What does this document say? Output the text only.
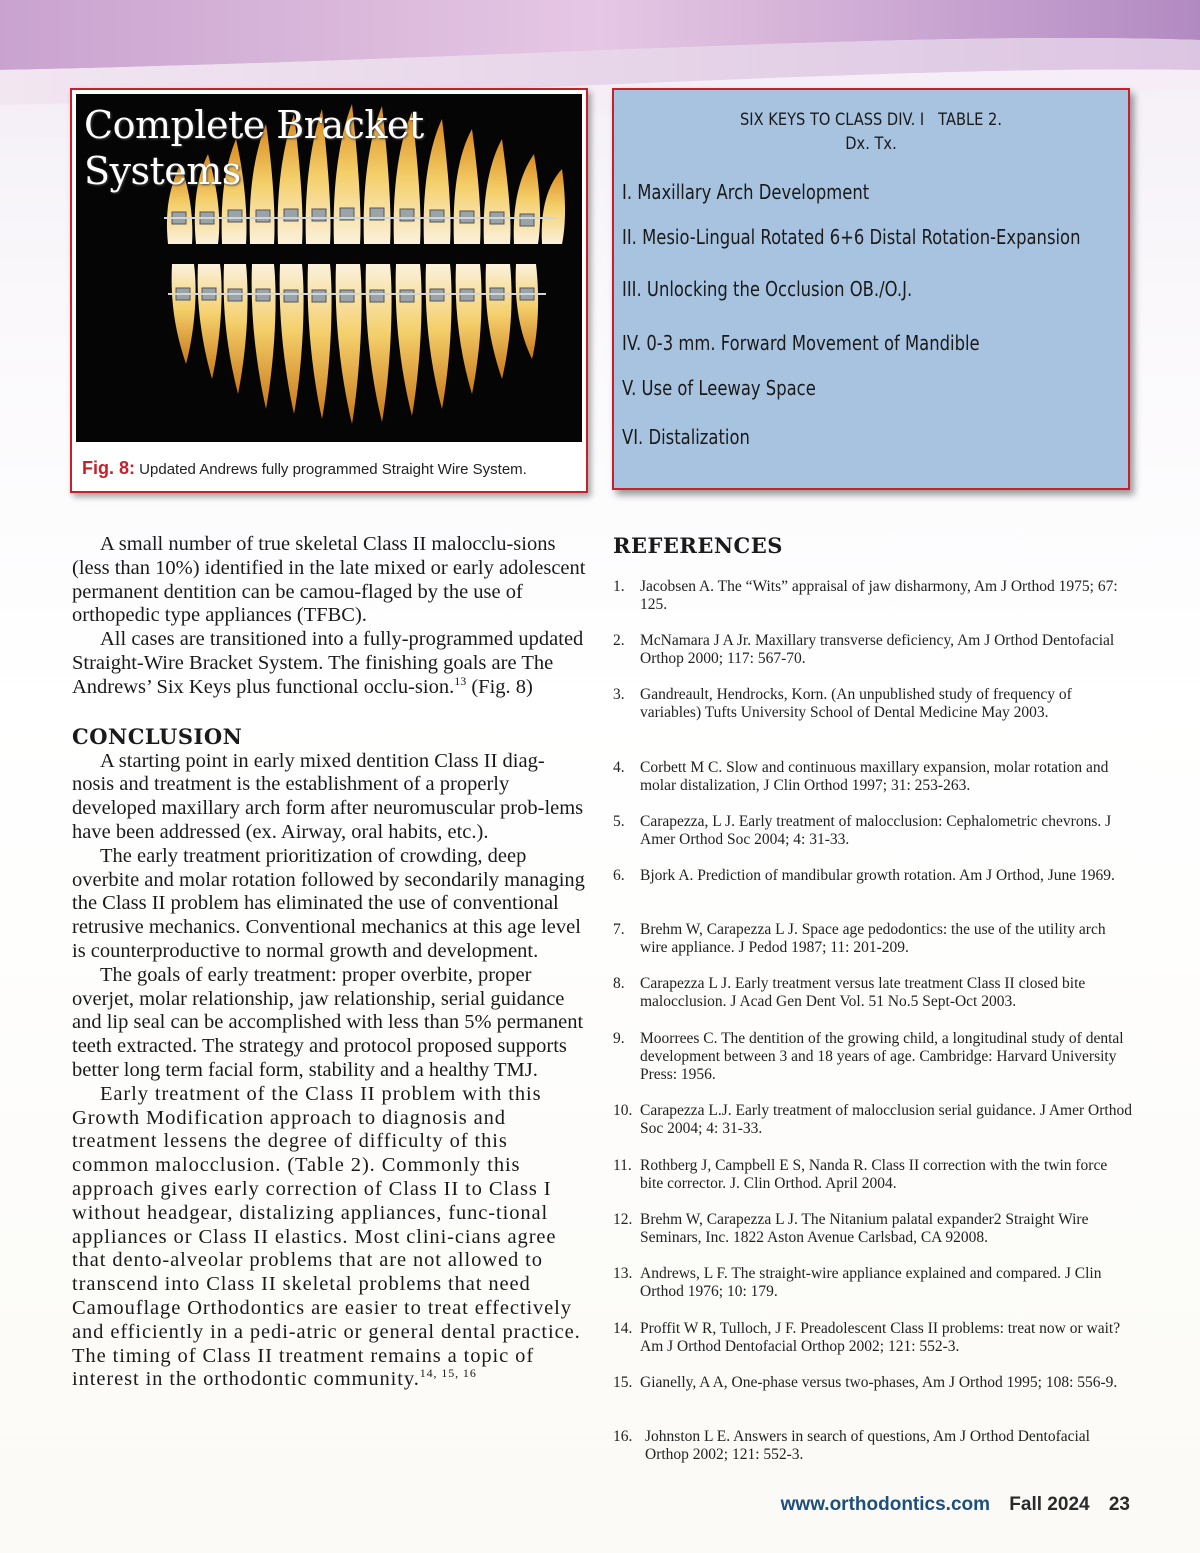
Complete Bracket
Systems
Fig. 8: Updated Andrews fully programmed Straight Wire System.
SIX KEYS TO CLASS DIV. I   TABLE 2.
Dx. Tx.
I. Maxillary Arch Development
II. Mesio-Lingual Rotated 6+6 Distal Rotation-Expansion
III. Unlocking the Occlusion OB./O.J.
IV. 0-3 mm. Forward Movement of Mandible
V. Use of Leeway Space
VI. Distalization

A small number of true skeletal Class II malocclu-sions (less than 10%) identified in the late mixed or early adolescent permanent dentition can be camou-flaged by the use of orthopedic type appliances (TFBC).

All cases are transitioned into a fully-programmed updated Straight-Wire Bracket System. The finishing goals are The Andrews’ Six Keys plus functional occlu-sion.$^{13}$ (Fig. 8)

CONCLUSION

A starting point in early mixed dentition Class II diag-nosis and treatment is the establishment of a properly developed maxillary arch form after neuromuscular prob-lems have been addressed (ex. Airway, oral habits, etc.).

The early treatment prioritization of crowding, deep overbite and molar rotation followed by secondarily managing the Class II problem has eliminated the use of conventional retrusive mechanics. Conventional mechanics at this age level is counterproductive to normal growth and development.

The goals of early treatment: proper overbite, proper overjet, molar relationship, jaw relationship, serial guidance and lip seal can be accomplished with less than 5% permanent teeth extracted. The strategy and protocol proposed supports better long term facial form, stability and a healthy TMJ.

Early treatment of the Class II problem with this Growth Modification approach to diagnosis and treatment lessens the degree of difficulty of this common malocclusion. (Table 2). Commonly this approach gives early correction of Class II to Class I without headgear, distalizing appliances, func-tional appliances or Class II elastics. Most clini-cians agree that dento-alveolar problems that are not allowed to transcend into Class II skeletal problems that need Camouflage Orthodontics are easier to treat effectively and efficiently in a pedi-atric or general dental practice. The timing of Class II treatment remains a topic of interest in the orthodontic community.$^{14, 15, 16}$

REFERENCES
1. Jacobsen A. The “Wits” appraisal of jaw disharmony, Am J Orthod 1975; 67: 125.
2. McNamara J A Jr. Maxillary transverse deficiency, Am J Orthod Dentofacial Orthop 2000; 117: 567-70.
3. Gandreault, Hendrocks, Korn. (An unpublished study of frequency of variables) Tufts University School of Dental Medicine May 2003.
4. Corbett M C. Slow and continuous maxillary expansion, molar rotation and molar distalization, J Clin Orthod 1997; 31: 253-263.
5. Carapezza, L J. Early treatment of malocclusion: Cephalometric chevrons. J Amer Orthod Soc 2004; 4: 31-33.
6. Bjork A. Prediction of mandibular growth rotation. Am J Orthod, June 1969.
7. Brehm W, Carapezza L J. Space age pedodontics: the use of the utility arch wire appliance. J Pedod 1987; 11: 201-209.
8. Carapezza L J. Early treatment versus late treatment Class II closed bite malocclusion. J Acad Gen Dent Vol. 51 No.5 Sept-Oct 2003.
9. Moorrees C. The dentition of the growing child, a longitudinal study of dental development between 3 and 18 years of age. Cambridge: Harvard University Press: 1956.
10. Carapezza L.J. Early treatment of malocclusion serial guidance. J Amer Orthod Soc 2004; 4: 31-33.
11. Rothberg J, Campbell E S, Nanda R. Class II correction with the twin force bite corrector. J. Clin Orthod. April 2004.
12. Brehm W, Carapezza L J. The Nitanium palatal expander2 Straight Wire Seminars, Inc. 1822 Aston Avenue Carlsbad, CA 92008.
13. Andrews, L F. The straight-wire appliance explained and compared. J Clin Orthod 1976; 10: 179.
14. Proffit W R, Tulloch, J F. Preadolescent Class II problems: treat now or wait? Am J Orthod Dentofacial Orthop 2002; 121: 552-3.
15. Gianelly, A A, One-phase versus two-phases, Am J Orthod 1995; 108: 556-9.
16. Johnston L E. Answers in search of questions, Am J Orthod Dentofacial Orthop 2002; 121: 552-3.
www.orthodontics.com Fall 2024 23
